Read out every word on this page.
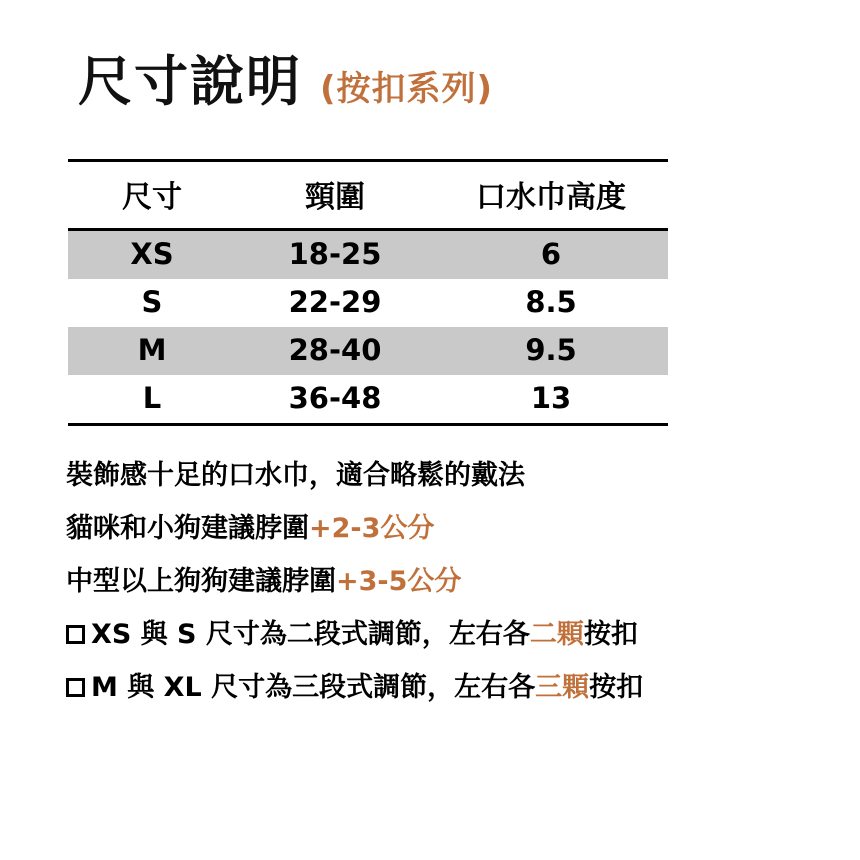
尺寸說明 (按扣系列)
尺寸	頸圍	口水巾高度
XS	18-25	6
S	22-29	8.5
M	28-40	9.5
L	36-48	13
裝飾感十足的口水巾，適合略鬆的戴法
貓咪和小狗建議脖圍+2-3公分
中型以上狗狗建議脖圍+3-5公分
XS 與 S 尺寸為二段式調節，左右各二顆按扣
M 與 XL 尺寸為三段式調節，左右各三顆按扣
